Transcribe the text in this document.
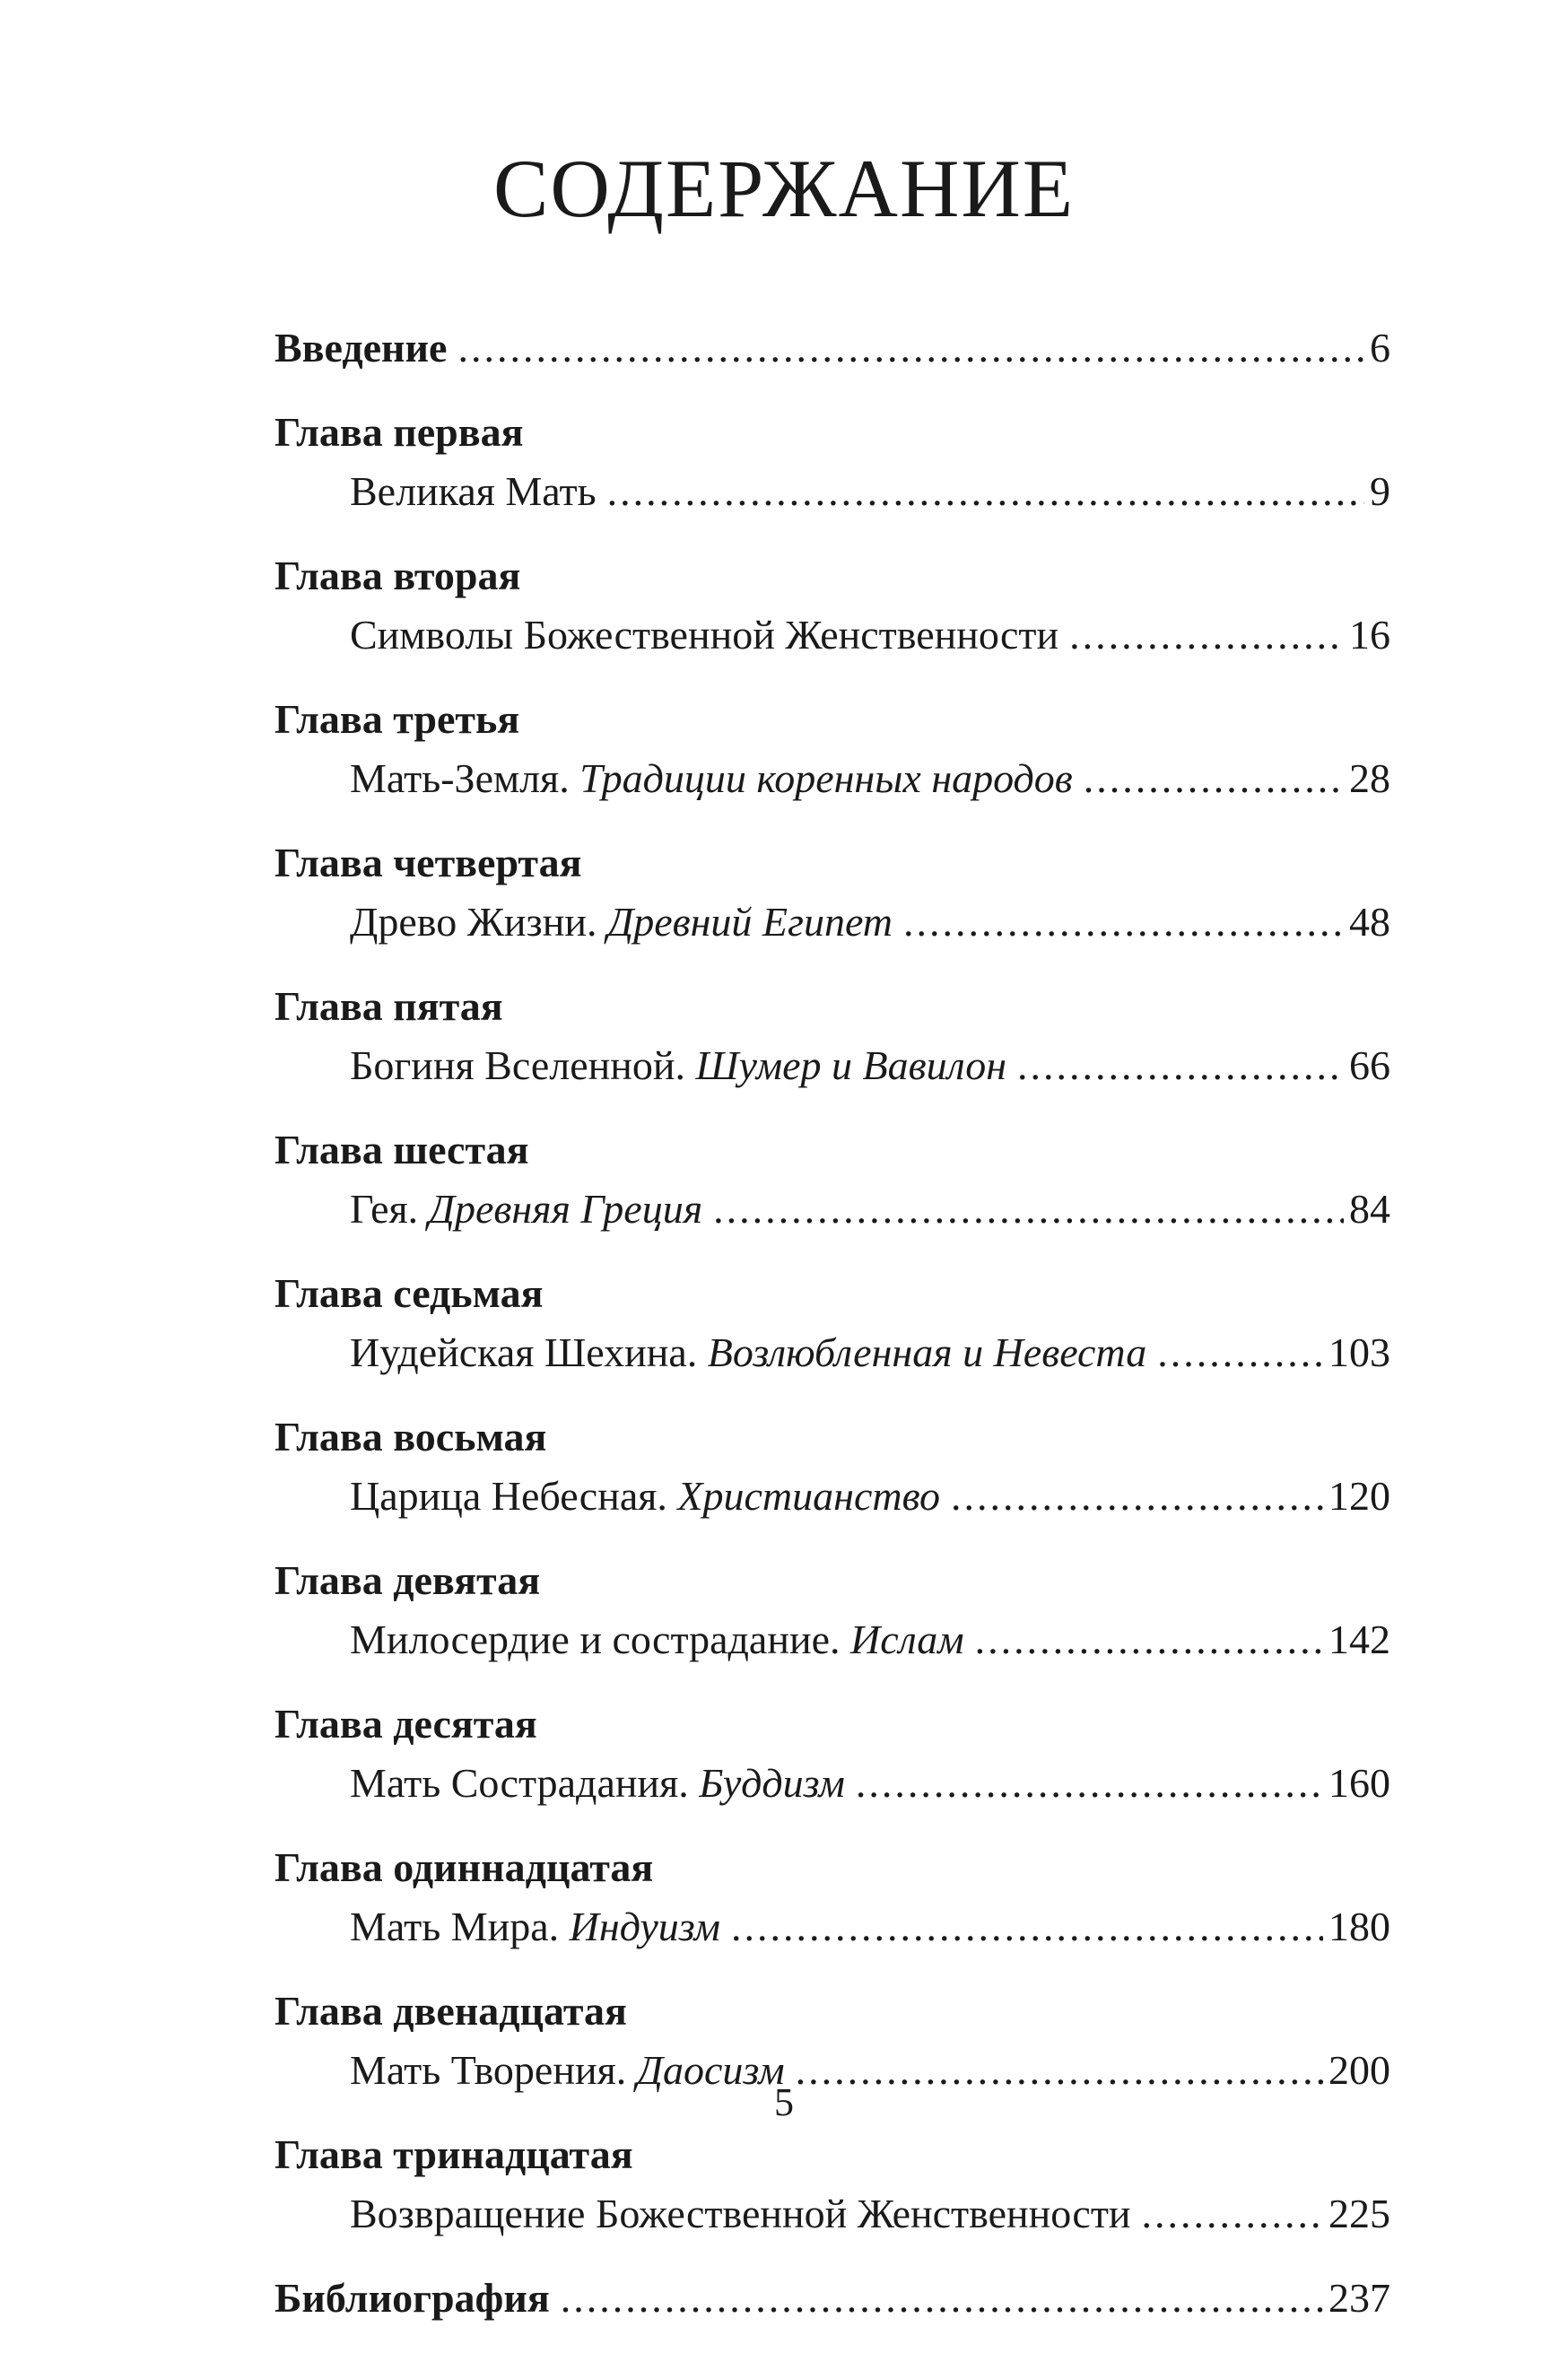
СОДЕРЖАНИЕ
Введение .....	6
Глава первая
Великая Мать .....	9
Глава вторая
Символы Божественной Женственности .....	16
Глава третья
Мать-Земля. Традиции коренных народов .....	28
Глава четвертая
Древо Жизни. Древний Египет .....	48
Глава пятая
Богиня Вселенной. Шумер и Вавилон .....	66
Глава шестая
Гея. Древняя Греция .....	84
Глава седьмая
Иудейская Шехина. Возлюбленная и Невеста .....	103
Глава восьмая
Царица Небесная. Христианство .....	120
Глава девятая
Милосердие и сострадание. Ислам .....	142
Глава десятая
Мать Сострадания. Буддизм .....	160
Глава одиннадцатая
Мать Мира. Индуизм .....	180
Глава двенадцатая
Мать Творения. Даосизм .....	200
Глава тринадцатая
Возвращение Божественной Женственности .....	225
Библиография .....	237
5
